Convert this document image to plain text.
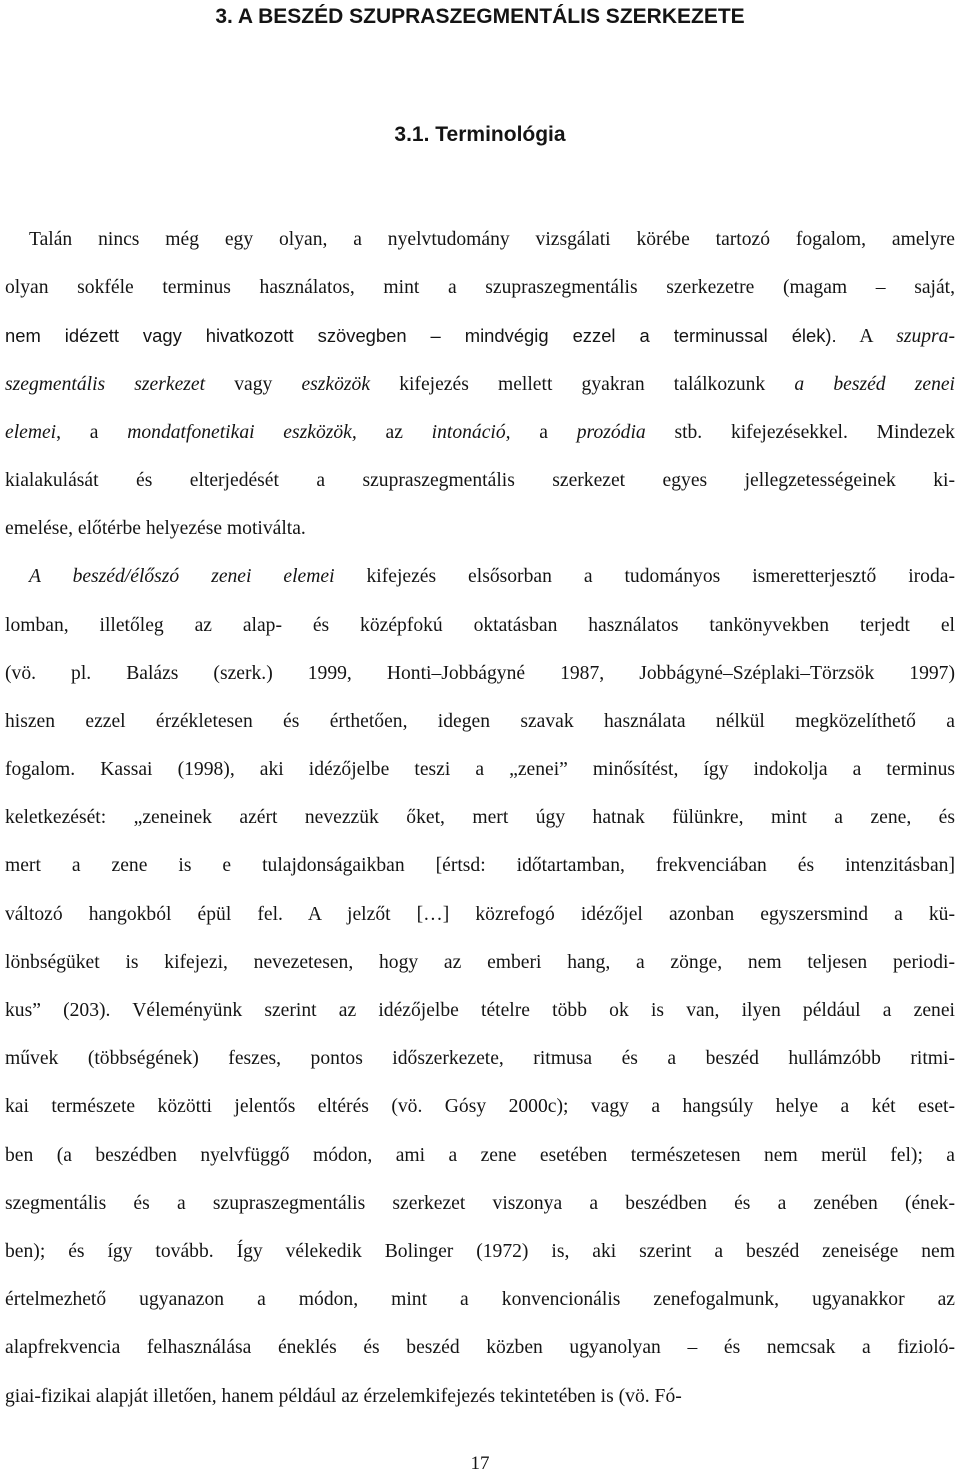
3. A BESZÉD SZUPRASZEGMENTÁLIS SZERKEZETE
3.1. Terminológia
Talán nincs még egy olyan, a nyelvtudomány vizsgálati körébe tartozó fogalom, amelyre
olyan sokféle terminus használatos, mint a szupraszegmentális szerkezetre (magam – saját,
nem idézett vagy hivatkozott szövegben – mindvégig ezzel a terminussal élek). A szupra-
szegmentális szerkezet vagy eszközök kifejezés mellett gyakran találkozunk a beszéd zenei
elemei, a mondatfonetikai eszközök, az intonáció, a prozódia stb. kifejezésekkel. Mindezek
kialakulását és elterjedését a szupraszegmentális szerkezet egyes jellegzetességeinek ki-
emelése, előtérbe helyezése motiválta.
A beszéd/élőszó zenei elemei kifejezés elsősorban a tudományos ismeretterjesztő iroda-
lomban, illetőleg az alap- és középfokú oktatásban használatos tankönyvekben terjedt el
(vö. pl. Balázs (szerk.) 1999, Honti–Jobbágyné 1987, Jobbágyné–Széplaki–Törzsök 1997)
hiszen ezzel érzékletesen és érthetően, idegen szavak használata nélkül megközelíthető a
fogalom. Kassai (1998), aki idézőjelbe teszi a „zenei” minősítést, így indokolja a terminus
keletkezését: „zeneinek azért nevezzük őket, mert úgy hatnak fülünkre, mint a zene, és
mert a zene is e tulajdonságaikban [értsd: időtartamban, frekvenciában és intenzitásban]
változó hangokból épül fel. A jelzőt […] közrefogó idézőjel azonban egyszersmind a kü-
lönbségüket is kifejezi, nevezetesen, hogy az emberi hang, a zönge, nem teljesen periodi-
kus” (203). Véleményünk szerint az idézőjelbe tételre több ok is van, ilyen például a zenei
művek (többségének) feszes, pontos időszerkezete, ritmusa és a beszéd hullámzóbb ritmi-
kai természete közötti jelentős eltérés (vö. Gósy 2000c); vagy a hangsúly helye a két eset-
ben (a beszédben nyelvfüggő módon, ami a zene esetében természetesen nem merül fel); a
szegmentális és a szupraszegmentális szerkezet viszonya a beszédben és a zenében (ének-
ben); és így tovább. Így vélekedik Bolinger (1972) is, aki szerint a beszéd zeneisége nem
értelmezhető ugyanazon a módon, mint a konvencionális zenefogalmunk, ugyanakkor az
alapfrekvencia felhasználása éneklés és beszéd közben ugyanolyan – és nemcsak a fizioló-
giai-fizikai alapját illetően, hanem például az érzelemkifejezés tekintetében is (vö. Fó-
17
